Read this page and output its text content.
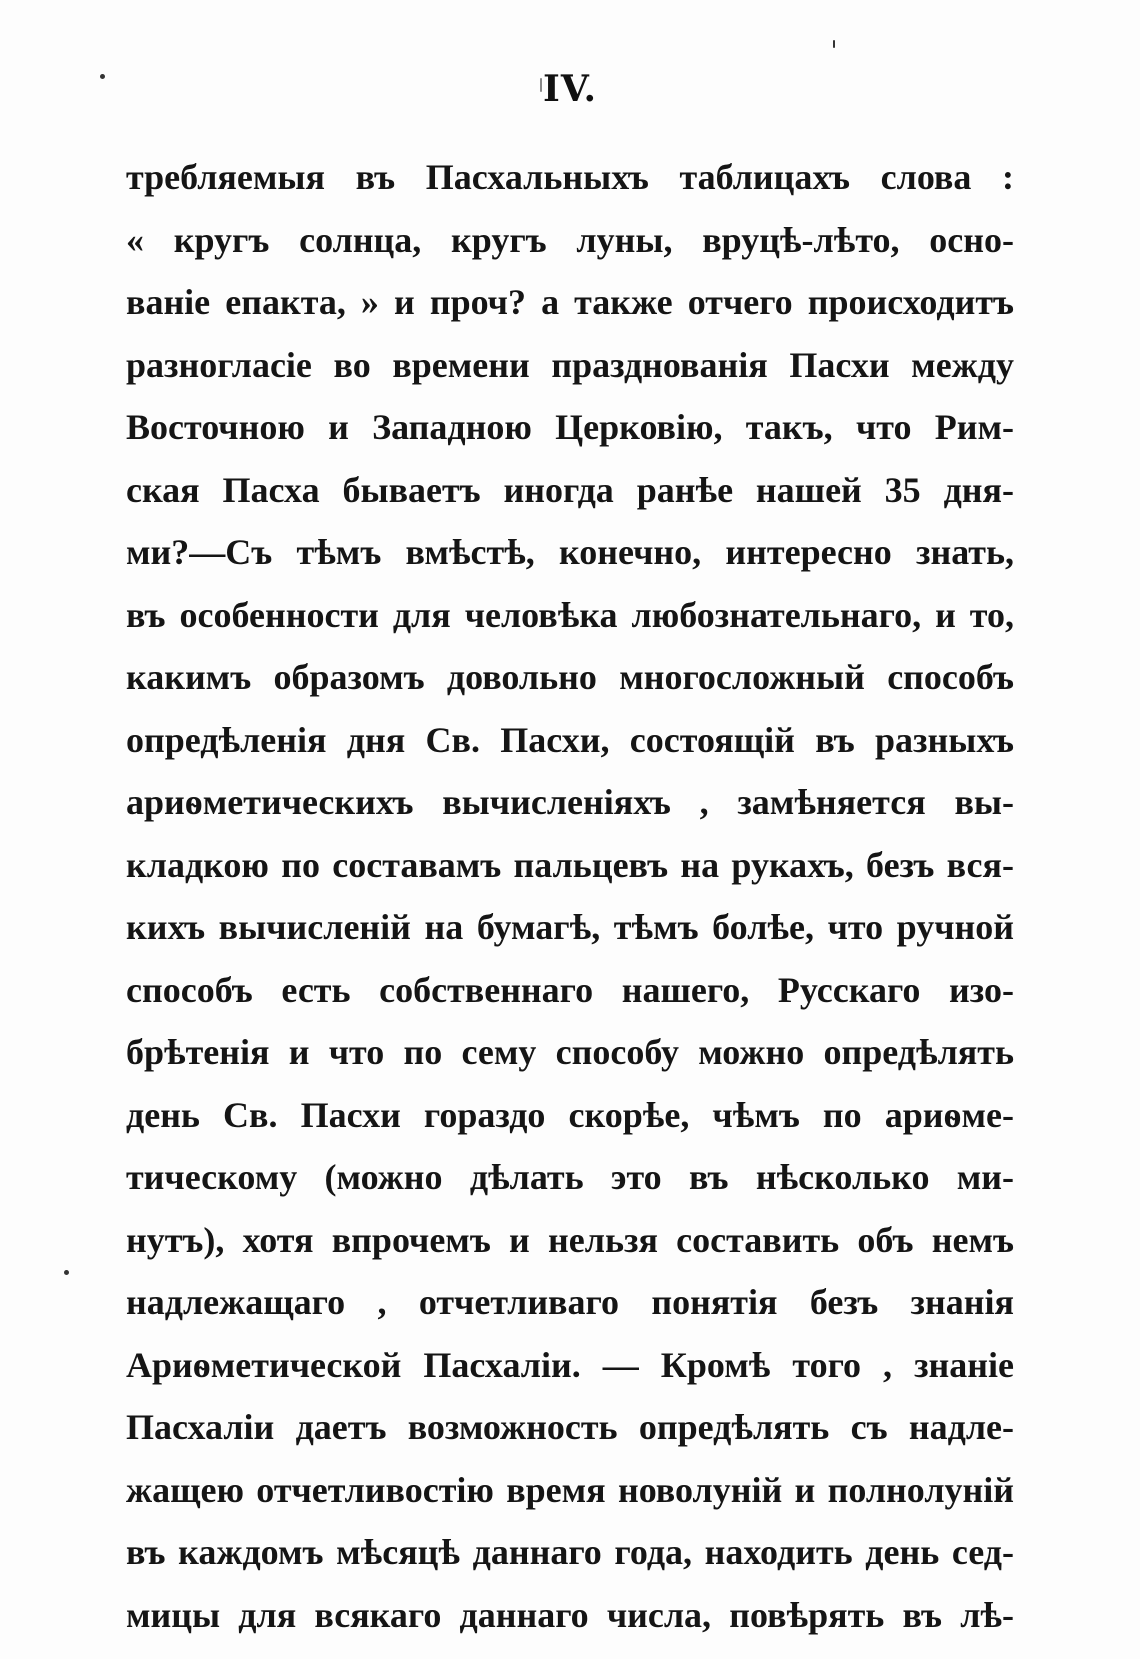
IV.
требляемыя въ Пасхальныхъ таблицахъ слова :
« кругъ солнца, кругъ луны, вруцѣ-лѣто, осно-
ваніе епакта, » и проч? а также отчего происходитъ
разногласіе во времени празднованія Пасхи между
Восточною и Западною Церковію, такъ, что Рим-
ская Пасха бываетъ иногда ранѣе нашей 35 дня-
ми?—Съ тѣмъ вмѣстѣ, конечно, интересно знать,
въ особенности для человѣка любознательнаго, и то,
какимъ образомъ довольно многосложный способъ
опредѣленія дня Св. Пасхи, состоящій въ разныхъ
ариѳметическихъ вычисленіяхъ , замѣняется вы-
кладкою по составамъ пальцевъ на рукахъ, безъ вся-
кихъ вычисленій на бумагѣ, тѣмъ болѣе, что ручной
способъ есть собственнаго нашего, Русскаго изо-
брѣтенія и что по сему способу можно опредѣлять
день Св. Пасхи гораздо скорѣе, чѣмъ по ариѳме-
тическому (можно дѣлать это въ нѣсколько ми-
нутъ), хотя впрочемъ и нельзя составить объ немъ
надлежащаго , отчетливаго понятія безъ знанія
Ариѳметической Пасхаліи. — Кромѣ того , знаніе
Пасхаліи даетъ возможность опредѣлять съ надле-
жащею отчетливостію время новолуній и полнолуній
въ каждомъ мѣсяцѣ даннаго года, находить день сед-
мицы для всякаго даннаго числа, повѣрять въ лѣ-
